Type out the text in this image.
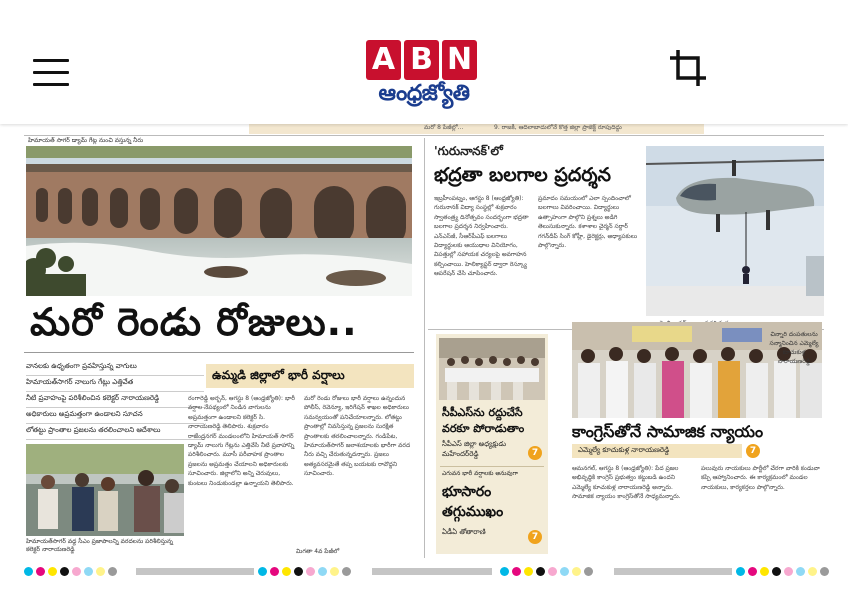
A B N
ఆంధ్రజ్యోతి
మరో 8 పేజీల్లో...	9. రాజకీ, ఆదిలాబాదులోనే కొత్త జిల్లా ప్రాజెక్ట్ రూపుదిద్దు
హిమాయత్ సాగర్ డ్యామ్ గేట్ల నుంచి వస్తున్న నీరు
మరో రెండు రోజులు..
ఉమ్మడి జిల్లాలో భారీ వర్షాలు
వానలకు ఉధృతంగా ప్రవహిస్తున్న వాగులు
హిమాయత్‌సాగర్ నాలుగు గేట్లు ఎత్తివేత
నీటి ప్రవాహంపై పరిశీలించిన కలెక్టర్ నారాయణరెడ్డి
అధికారులు అప్రమత్తంగా ఉండాలని సూచన
లోతట్టు ప్రాంతాల ప్రజలను తరలించాలని ఆదేశాలు
హిమాయత్‌సాగర్ వద్ద సీఎం ప్రజాపాలన్ని వరదలను పరిశీలిస్తున్న కలెక్టర్ నారాయణరెడ్డి
రంగారెడ్డి అర్బన్, ఆగస్టు 8 (ఆంధ్రజ్యోతి): భారీ వర్షాల నేపథ్యంలో నిండిన వాగులను అప్రమత్తంగా ఉండాలని కలెక్టర్ సి. నారాయణరెడ్డి తెలిపారు. శుక్రవారం రాజేంద్రనగర్ మండలంలోని హిమాయత్ సాగర్ డ్యామ్ నాలుగు గేట్లను ఎత్తివేసి నీటి ప్రవాహాన్ని పరిశీలించారు. మూసీ పరీవాహక ప్రాంతాల ప్రజలను అప్రమత్తం చేయాలని అధికారులకు సూచించారు. జిల్లాలోని అన్ని చెరువులు, కుంటలు నిండుకుండల్లా ఉన్నాయని తెలిపారు.
మరో రెండు రోజులు భారీ వర్షాలు ఉన్నందున పోలీస్, రెవెన్యూ, ఇరిగేషన్ శాఖల అధికారులు సమన్వయంతో పనిచేయాలన్నారు. లోతట్టు ప్రాంతాల్లో నివసిస్తున్న ప్రజలను సురక్షిత ప్రాంతాలకు తరలించాలన్నారు. గండిపేట, హిమాయత్‌సాగర్ జలాశయాలకు భారీగా వరద నీరు వచ్చి చేరుతున్నదన్నారు. ప్రజలు అత్యవసరమైతే తప్ప బయటకు రావొద్దని సూచించారు.
'గురునానక్'లో
భద్రతా బలగాల ప్రదర్శన
ఇబ్రహీంపట్నం, ఆగస్టు 8 (ఆంధ్రజ్యోతి): గురునానక్ విద్యా సంస్థల్లో శుక్రవారం స్వాతంత్ర్య దినోత్సవం సందర్భంగా భద్రతా బలగాల ప్రదర్శన నిర్వహించారు. ఎన్‌ఎస్‌జీ, సీఆర్‌పీఎఫ్ బలగాలు విద్యార్థులకు ఆయుధాల వినియోగం, విపత్తుల్లో సహాయక చర్యలపై అవగాహన కల్పించాయి. హెలిక్యాప్టర్ ద్వారా రెస్క్యూ ఆపరేషన్ చేసి చూపించారు.
ప్రమాదం సమయంలో ఎలా స్పందించాలో బలగాలు వివరించాయి. విద్యార్థులు ఉత్సాహంగా పాల్గొని ప్రశ్నలు అడిగి తెలుసుకున్నారు. కళాశాల చైర్మన్ సర్దార్ గగన్‌దీప్ సింగ్ కోహ్లీ, డైరెక్టర్లు, అధ్యాపకులు పాల్గొన్నారు.
సీపీఎస్‌ను రద్దుచేసే
వరకూ పోరాడుతాం
సీపీఎస్ జిల్లా అధ్యక్షుడు
మహేందర్‌రెడ్డి	7
ఎగువన భారీ వర్షాలకు అనువుగా
భూసారం
తగ్గుముఖం
ఏడీఏ తోతారాణి	7
చిన్నారి దంపతులను సన్మానించిన ఎమ్మెల్యే కూచుకుళ్ల నారాయణరెడ్డి
కాంగ్రెస్‌తోనే సామాజిక న్యాయం
ఎమ్మెల్యే కూచుకుళ్ల నారాయణరెడ్డి	7
ఆమనగల్, ఆగస్టు 8 (ఆంధ్రజ్యోతి): పేద ప్రజల అభివృద్ధికి కాంగ్రెస్ ప్రభుత్వం కట్టుబడి ఉందని ఎమ్మెల్యే కూచుకుళ్ల నారాయణరెడ్డి అన్నారు. సామాజిక న్యాయం కాంగ్రెస్‌తోనే సాధ్యమన్నారు. పలువురు నాయకులు పార్టీలో చేరగా వారికి కండువా కప్పి ఆహ్వానించారు. ఈ కార్యక్రమంలో మండల నాయకులు, కార్యకర్తలు పాల్గొన్నారు.
మిగతా 4వ పేజీలో
